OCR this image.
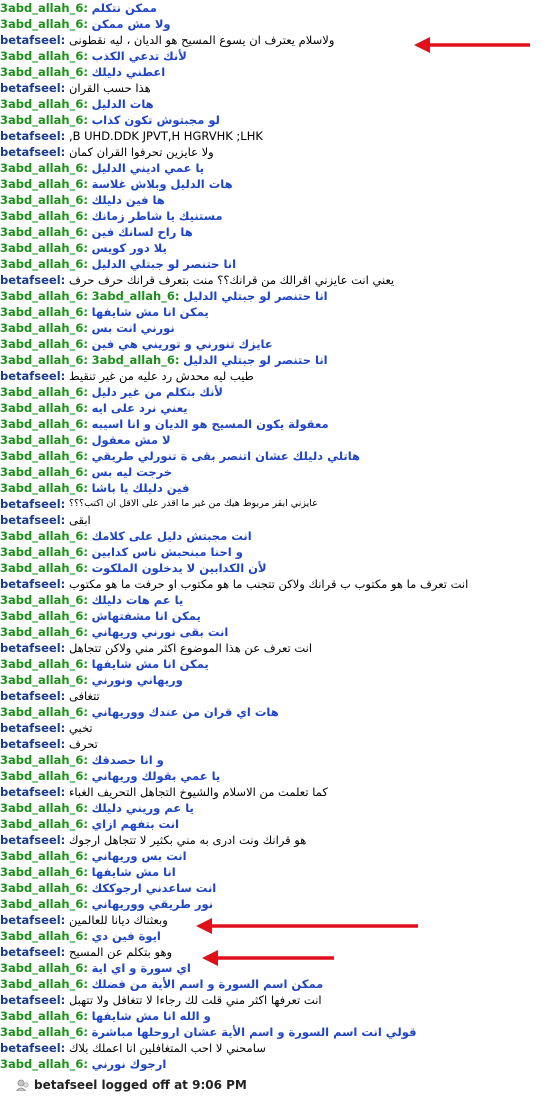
3abd_allah_6: ممكن نتكلم
3abd_allah_6: ولا مش ممكن
betafseel: ولاسلام يعترف ان يسوع المسيح هو الديان ، ليه نقطونى
3abd_allah_6: لأنك تدعي الكذب
3abd_allah_6: اعطني دليلك
betafseel: هذا حسب القران
3abd_allah_6: هات الدليل
3abd_allah_6: لو مجبتوش تكون كذاب
betafseel: ,B UHD.DDK JPVT,H HGRVHK ;LHK
betafseel: ولا عايزين تحرفوا القران كمان
3abd_allah_6: يا عمي اديني الدليل
3abd_allah_6: هات الدليل وبلاش غلاسة
3abd_allah_6: ها فين دليلك
3abd_allah_6: مستنيك يا شاطر زمانك
3abd_allah_6: ها راح لسانك فين
3abd_allah_6: يلا دور كويس
3abd_allah_6: انا حتنصر لو جبتلي الدليل
betafseel: يعني انت عايزني اقرالك من قرانك؟؟ منت بتعرف قرانك حرف حرف
3abd_allah_6: 3abd_allah_6: انا حتنصر لو جبتلي الدليل
3abd_allah_6: يمكن انا مش شايفها
3abd_allah_6: نورني انت بس
3abd_allah_6: عايزك تنورني و توريني هي فين
3abd_allah_6: 3abd_allah_6: انا حتنصر لو جبتلي الدليل
betafseel: طيب ليه محدش رد عليه من غير تنقيط
3abd_allah_6: لأنك بتكلم من غير دليل
3abd_allah_6: يعني نرد على ايه
3abd_allah_6: معقولة يكون المسيح هو الديان و انا اسيبه
3abd_allah_6: لا مش معقول
3abd_allah_6: هاتلي دليلك عشان اتنصر بقى ة تنورلي طريقي
3abd_allah_6: خرجت ليه بس
3abd_allah_6: فين دليلك يا باشا
betafseel: عايزني ابقر مربوط هيك من غير ما اقدر على الاقل ان اكتب؟؟؟
betafseel: ابقى
3abd_allah_6: انت مجبتش دليل على كلامك
3abd_allah_6: و احنا مبنحبش ناس كدابين
3abd_allah_6: لأن الكدابين لا يدخلون الملكوت
betafseel: انت تعرف ما هو مكتوب ب قرانك ولاكن تتجنب ما هو مكتوب او حرفت ما هو مكتوب
3abd_allah_6: يا عم هات دليلك
3abd_allah_6: يمكن انا مشفتهاش
3abd_allah_6: انت بقى نورني وريهاني
betafseel: انت تعرف عن هذا الموضوع اكثر مني ولاكن تتجاهل
3abd_allah_6: يمكن انا مش شايفها
3abd_allah_6: وريهاني ونورني
betafseel: تتغافى
3abd_allah_6: هات اي قران من عندك ووريهاني
betafseel: تخبي
betafseel: تحرف
3abd_allah_6: و انا حصدقك
3abd_allah_6: يا عمي بقولك وريهاني
betafseel: كما تعلمت من الاسلام والشيوخ التجاهل التحريف الغباء
3abd_allah_6: يا عم وريني دليلك
3abd_allah_6: انت بتفهم ازاي
betafseel: هو قرانك ونت ادرى به مني بكثير لا تتجاهل ارجوك
3abd_allah_6: انت بس وريهاني
3abd_allah_6: انا مش شايفها
3abd_allah_6: انت ساعدني ارجوككك
3abd_allah_6: نور طريقي ووريهاني
betafseel: وبعثناك ديانا للعالمين
3abd_allah_6: ايوة فين دي
betafseel: وهو بتكلم عن المسيح
3abd_allah_6: اي سورة و اي اية
3abd_allah_6: ممكن اسم السورة و اسم الأية من فضلك
betafseel: انت تعرفها اكثر مني قلت لك رجاءا لا تتغافل ولا تتهبل
3abd_allah_6: و الله انا مش شايفها
3abd_allah_6: قولي انت اسم السورة و اسم الأية عشان اروحلها مباشرة
betafseel: سامحني لا احب المتغافلين انا اعملك بلاك
3abd_allah_6: ارجوك نورني
betafseel logged off at 9:06 PM
